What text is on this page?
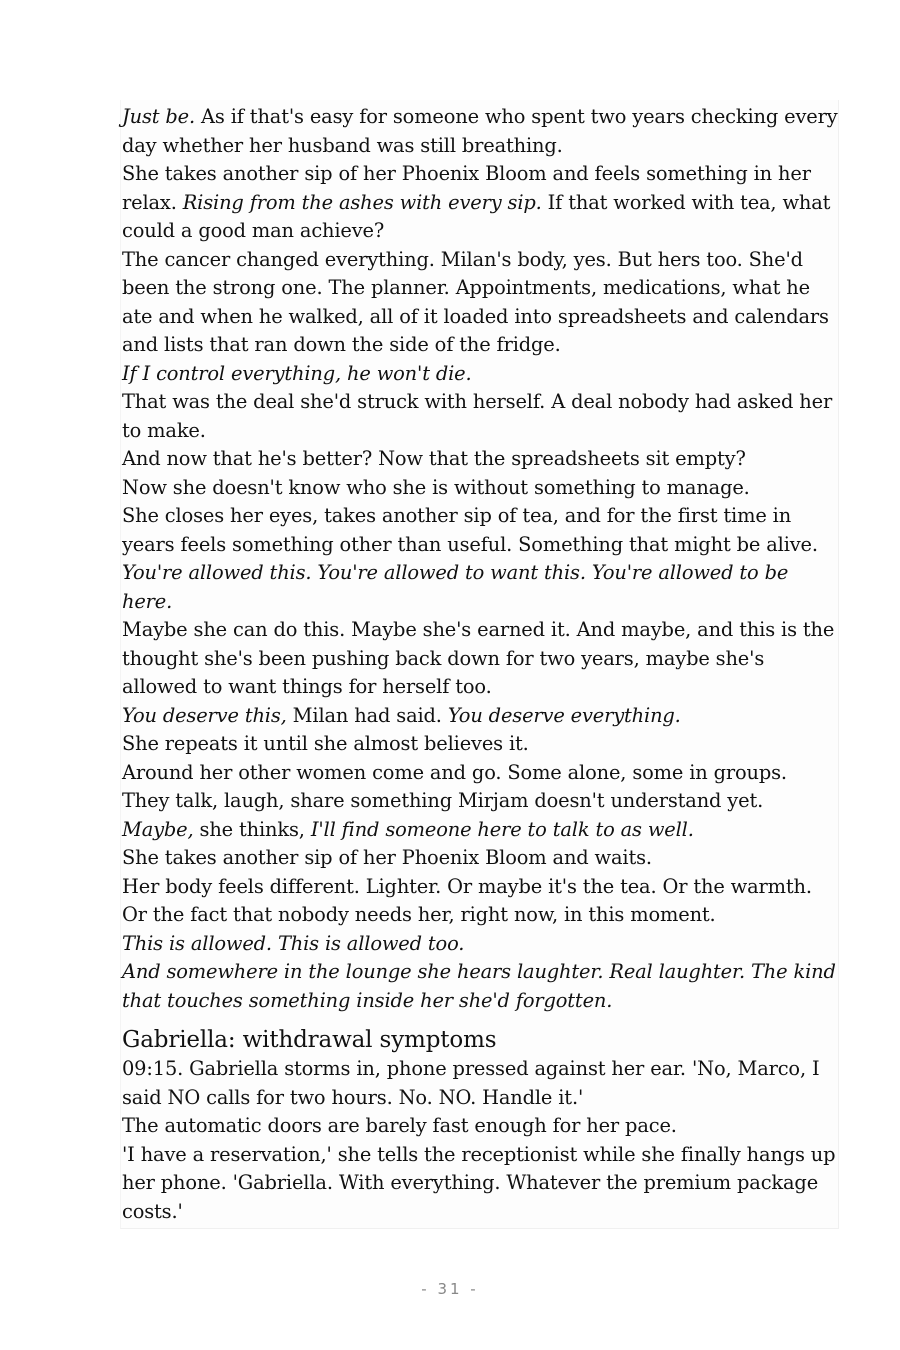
Just be. As if that's easy for someone who spent two years checking every day whether her husband was still breathing.

She takes another sip of her Phoenix Bloom and feels something in her relax. Rising from the ashes with every sip. If that worked with tea, what could a good man achieve?

The cancer changed everything. Milan's body, yes. But hers too. She'd been the strong one. The planner. Appointments, medications, what he ate and when he walked, all of it loaded into spreadsheets and calendars and lists that ran down the side of the fridge.

If I control everything, he won't die.

That was the deal she'd struck with herself. A deal nobody had asked her to make.

And now that he's better? Now that the spreadsheets sit empty?

Now she doesn't know who she is without something to manage.

She closes her eyes, takes another sip of tea, and for the first time in years feels something other than useful. Something that might be alive.

You're allowed this. You're allowed to want this. You're allowed to be here.

Maybe she can do this. Maybe she's earned it. And maybe, and this is the thought she's been pushing back down for two years, maybe she's allowed to want things for herself too.

You deserve this, Milan had said. You deserve everything.

She repeats it until she almost believes it.

Around her other women come and go. Some alone, some in groups. They talk, laugh, share something Mirjam doesn't understand yet.

Maybe, she thinks, I'll find someone here to talk to as well.

She takes another sip of her Phoenix Bloom and waits.

Her body feels different. Lighter. Or maybe it's the tea. Or the warmth. Or the fact that nobody needs her, right now, in this moment.

This is allowed. This is allowed too.

And somewhere in the lounge she hears laughter. Real laughter. The kind that touches something inside her she'd forgotten.

Gabriella: withdrawal symptoms

09:15. Gabriella storms in, phone pressed against her ear. 'No, Marco, I said NO calls for two hours. No. NO. Handle it.'

The automatic doors are barely fast enough for her pace.

'I have a reservation,' she tells the receptionist while she finally hangs up her phone. 'Gabriella. With everything. Whatever the premium package costs.'

- 31 -
